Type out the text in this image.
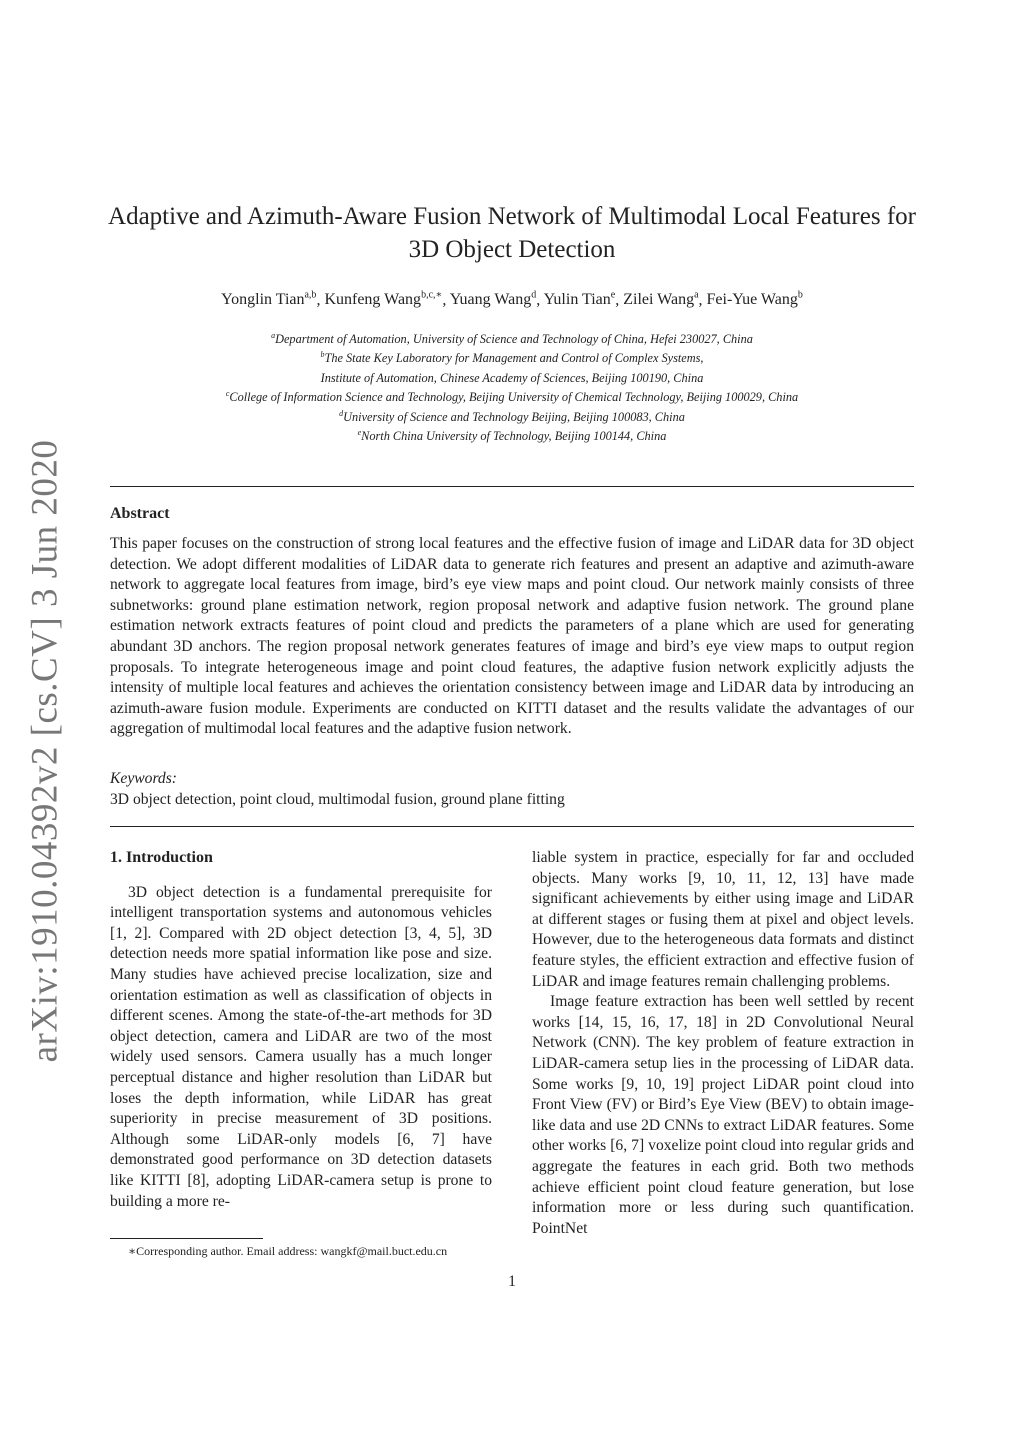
arXiv:1910.04392v2 [cs.CV] 3 Jun 2020
Adaptive and Azimuth-Aware Fusion Network of Multimodal Local Features for
3D Object Detection
Yonglin Tian$^{a,b}$, Kunfeng Wang$^{b,c,∗}$, Yuang Wang$^d$, Yulin Tian$^e$, Zilei Wang$^a$, Fei-Yue Wang$^b$
$^a$Department of Automation, University of Science and Technology of China, Hefei 230027, China
$^b$The State Key Laboratory for Management and Control of Complex Systems,
Institute of Automation, Chinese Academy of Sciences, Beijing 100190, China
$^c$College of Information Science and Technology, Beijing University of Chemical Technology, Beijing 100029, China
$^d$University of Science and Technology Beijing, Beijing 100083, China
$^e$North China University of Technology, Beijing 100144, China
Abstract
This paper focuses on the construction of strong local features and the effective fusion of image and LiDAR data for 3D object detection. We adopt different modalities of LiDAR data to generate rich features and present an adaptive and azimuth-aware network to aggregate local features from image, bird’s eye view maps and point cloud. Our network mainly consists of three subnetworks: ground plane estimation network, region proposal network and adaptive fusion network. The ground plane estimation network extracts features of point cloud and predicts the parameters of a plane which are used for generating abundant 3D anchors. The region proposal network generates features of image and bird’s eye view maps to output region proposals. To integrate heterogeneous image and point cloud features, the adaptive fusion network explicitly adjusts the intensity of multiple local features and achieves the orientation consistency between image and LiDAR data by introducing an azimuth-aware fusion module. Experiments are conducted on KITTI dataset and the results validate the advantages of our aggregation of multimodal local features and the adaptive fusion network.
Keywords:
3D object detection, point cloud, multimodal fusion, ground plane fitting

1. Introduction

3D object detection is a fundamental prerequisite for intelligent transportation systems and autonomous vehicles [1, 2]. Compared with 2D object detection [3, 4, 5], 3D detection needs more spatial information like pose and size. Many studies have achieved precise localization, size and orientation estimation as well as classification of objects in different scenes. Among the state-of-the-art methods for 3D object detection, camera and LiDAR are two of the most widely used sensors. Camera usually has a much longer perceptual distance and higher resolution than LiDAR but loses the depth information, while LiDAR has great superiority in precise measurement of 3D positions. Although some LiDAR-only models [6, 7] have demonstrated good performance on 3D detection datasets like KITTI [8], adopting LiDAR-camera setup is prone to building a more re-

liable system in practice, especially for far and occluded objects. Many works [9, 10, 11, 12, 13] have made significant achievements by either using image and LiDAR at different stages or fusing them at pixel and object levels. However, due to the heterogeneous data formats and distinct feature styles, the efficient extraction and effective fusion of LiDAR and image features remain challenging problems.

Image feature extraction has been well settled by recent works [14, 15, 16, 17, 18] in 2D Convolutional Neural Network (CNN). The key problem of feature extraction in LiDAR-camera setup lies in the processing of LiDAR data. Some works [9, 10, 19] project LiDAR point cloud into Front View (FV) or Bird’s Eye View (BEV) to obtain image-like data and use 2D CNNs to extract LiDAR features. Some other works [6, 7] voxelize point cloud into regular grids and aggregate the features in each grid. Both two methods achieve efficient point cloud feature generation, but lose information more or less during such quantification. PointNet

∗Corresponding author. Email address: wangkf@mail.buct.edu.cn
1
